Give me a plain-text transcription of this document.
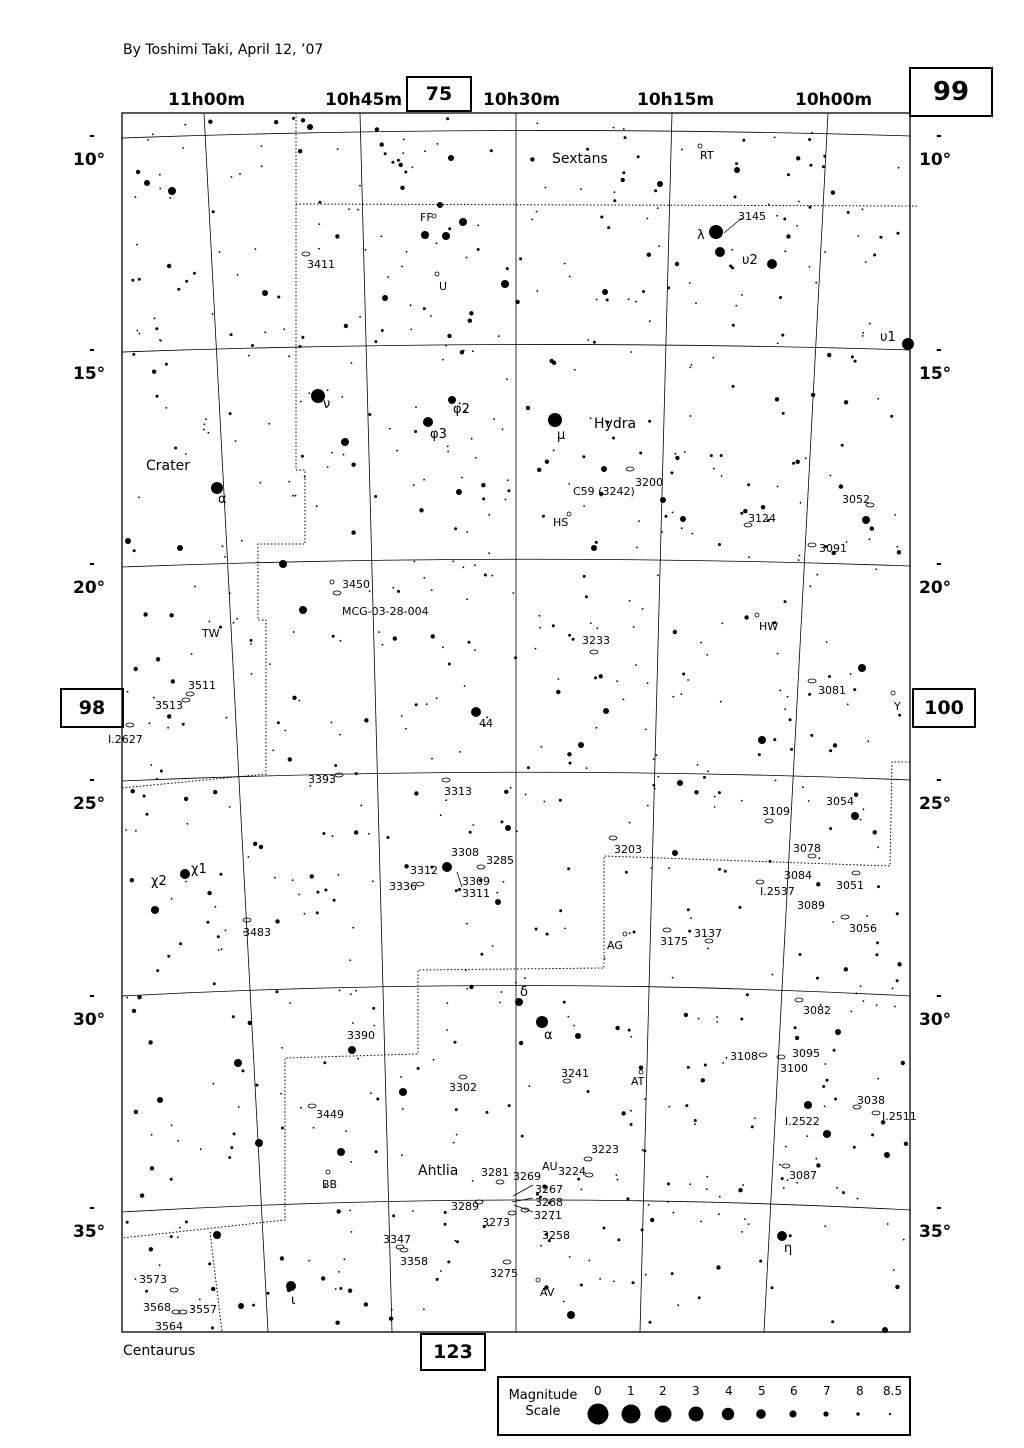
By Toshimi Taki, April 12, ’07
99
75
98	100
123
11h00m	10h45m	10h30m	10h15m	10h00m
-
10°
-
15°
-
20°
-
25°
-
30°
-
35°
-
10°
-
15°
-
20°
-
25°
-
30°
-
35°
Sextans
Hydra
Crater
Antlia
Centaurus
λ
υ2
υ1
ν	φ2
φ3	μ
α
44
χ2
χ1
δ
α
η
ι
RT
FF	3145
3411
U
3200
C59 (3242)
HS
3052
3124
3091
3450
MCG-03-28-004
TW
HW
3233
3511
3513
I.2627
3081
Y
3393
3313
3109
3054
3308
3285
3203	3078
3312
3309
3336
3311
3084
I.2537	3051
3089
3483	3056
3137
3175
AG
3082
3390
3108	3095
3100
3241
AT
3302
3449
3038
I.2522	I.2511
3223
AU
3281 3269 3224	3087
BB	3267
3268
3289
3271
3273
3258
3347
3358
3275
3573
AV
3568 3557
3564
Magnitude Scale
0 1 2 3 4 5 6 7 8 8.5
